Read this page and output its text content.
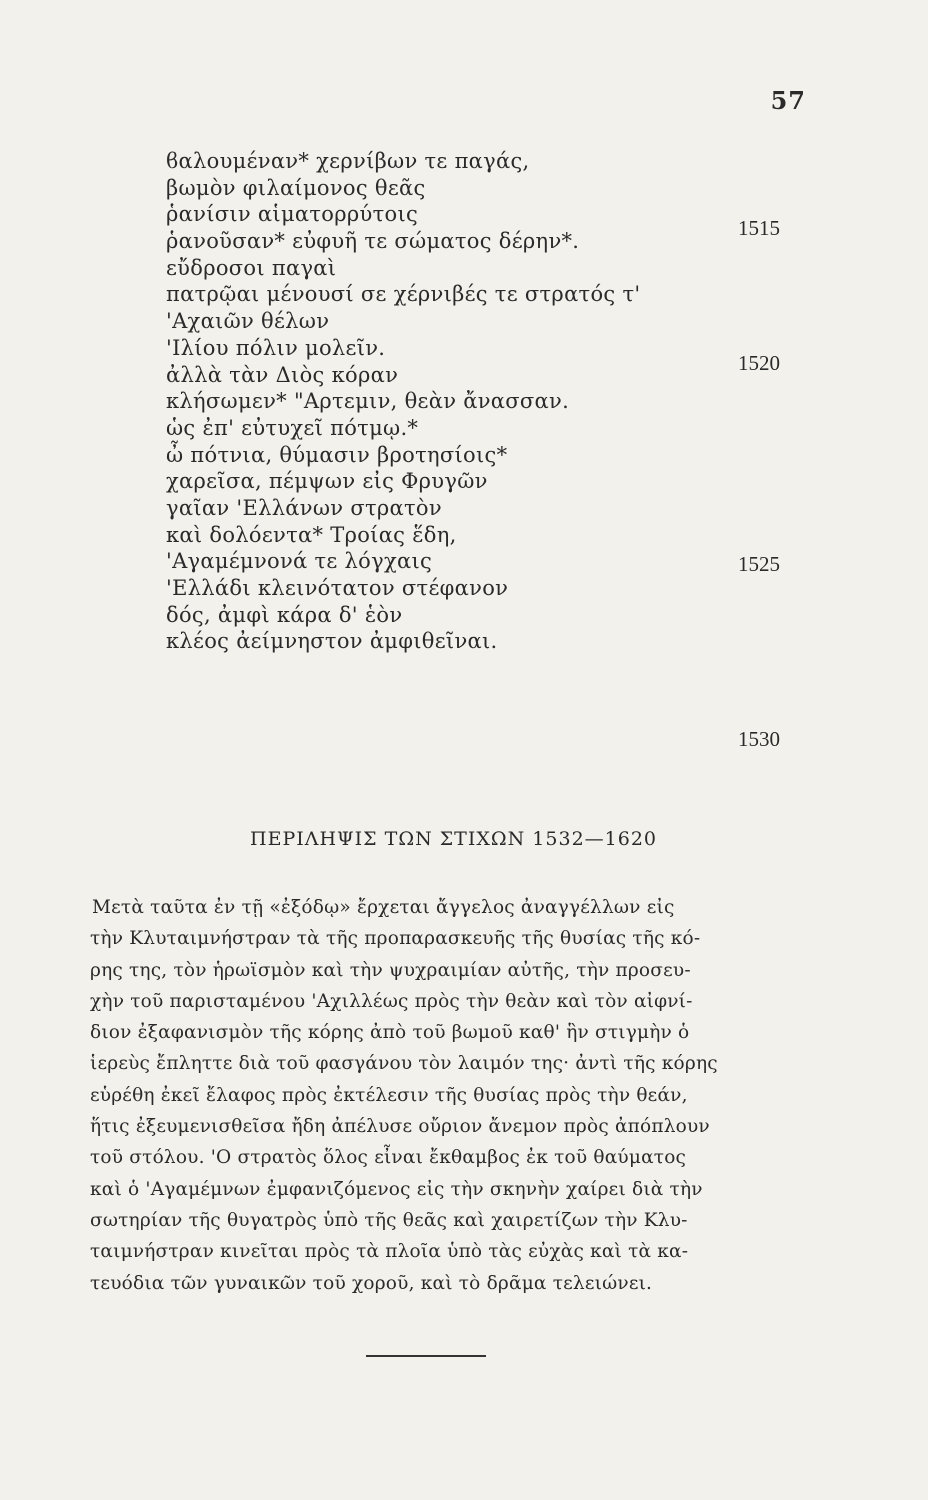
57
ϐαλουμέναν* χερνίβων τε παγάς,
βωμὸν φιλαίμονος θεᾶς
ῥανίσιν αἱματορρύτοις
ῥανοῦσαν* εὐφυῆ τε σώματος δέρην*.
εὔδροσοι παγαὶ
πατρῷαι μένουσί σε χέρνιβές τε στρατός τ'
'Αχαιῶν θέλων
'Ιλίου πόλιν μολεῖν.
ἀλλὰ τὰν Διὸς κόραν
κλήσωμεν* "Αρτεμιν, θεὰν ἄνασσαν.
ὡς ἐπ' εὐτυχεῖ πότμῳ.*
ὦ πότνια, θύμασιν βροτησίοις*
χαρεῖσα, πέμψων εἰς Φρυγῶν
γαῖαν 'Ελλάνων στρατὸν
καὶ δολόεντα* Τροίας ἕδη,
'Αγαμέμνονά τε λόγχαις
'Ελλάδι κλεινότατον στέφανον
δός, ἀμφὶ κάρα δ' ἑὸν
κλέος ἀείμνηστον ἀμφιθεῖναι.
1515
1520
1525
1530
ΠΕΡΙΛΗΨΙΣ ΤΩΝ ΣΤΙΧΩΝ 1532—1620
Μετὰ ταῦτα ἐν τῇ «ἐξόδῳ» ἔρχεται ἄγγελος ἀναγγέλλων εἰς
τὴν Κλυταιμνήστραν τὰ τῆς προπαρασκευῆς τῆς θυσίας τῆς κό-
ρης της, τὸν ἡρωϊσμὸν καὶ τὴν ψυχραιμίαν αὐτῆς, τὴν προσευ-
χὴν τοῦ παρισταμένου 'Αχιλλέως πρὸς τὴν θεὰν καὶ τὸν αἰφνί-
διον ἐξαφανισμὸν τῆς κόρης ἀπὸ τοῦ βωμοῦ καθ' ἣν στιγμὴν ὁ
ἱερεὺς ἔπληττε διὰ τοῦ φασγάνου τὸν λαιμόν της· ἀντὶ τῆς κόρης
εὑρέθη ἐκεῖ ἔλαφος πρὸς ἐκτέλεσιν τῆς θυσίας πρὸς τὴν θεάν,
ἥτις ἐξευμενισθεῖσα ἤδη ἀπέλυσε οὔριον ἄνεμον πρὸς ἀπόπλουν
τοῦ στόλου. 'Ο στρατὸς ὅλος εἶναι ἔκθαμβος ἐκ τοῦ θαύματος
καὶ ὁ 'Αγαμέμνων ἐμφανιζόμενος εἰς τὴν σκηνὴν χαίρει διὰ τὴν
σωτηρίαν τῆς θυγατρὸς ὑπὸ τῆς θεᾶς καὶ χαιρετίζων τὴν Κλυ-
ταιμνήστραν κινεῖται πρὸς τὰ πλοῖα ὑπὸ τὰς εὐχὰς καὶ τὰ κα-
τευόδια τῶν γυναικῶν τοῦ χοροῦ, καὶ τὸ δρᾶμα τελειώνει.
